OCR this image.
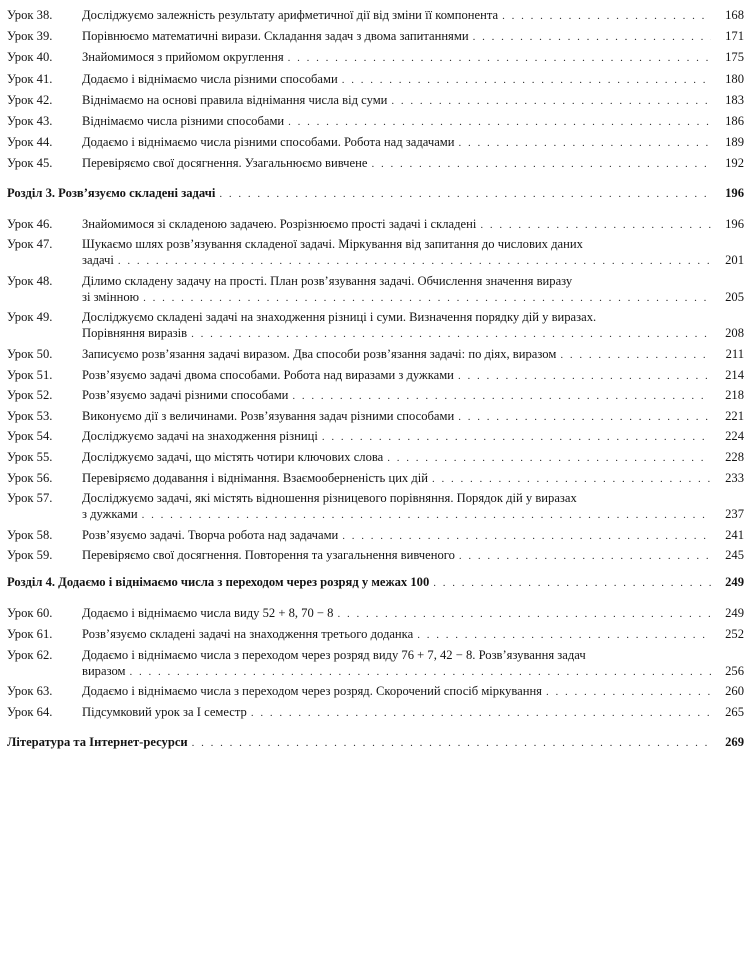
Урок 38. Досліджуємо залежність результату арифметичної дії від зміни її компонента . . .	168
Урок 39. Порівнюємо математичні вирази. Складання задач з двома запитаннями . . .	171
Урок 40. Знайомимося з прийомом округлення . . .	175
Урок 41. Додаємо і віднімаємо числа різними способами . . .	180
Урок 42. Віднімаємо на основі правила віднімання числа від суми . . .	183
Урок 43. Віднімаємо числа різними способами . . .	186
Урок 44. Додаємо і віднімаємо числа різними способами. Робота над задачами . . .	189
Урок 45. Перевіряємо свої досягнення. Узагальнюємо вивчене . . .	192
Розділ 3. Розв’язуємо складені задачі . . .	196
Урок 46. Знайомимося зі складеною задачею. Розрізнюємо прості задачі і складені . . .	196
Урок 47. Шукаємо шлях розв’язування складеної задачі. Міркування від запитання до числових даних
задачі . . .	201
Урок 48. Ділимо складену задачу на прості. План розв’язування задачі. Обчислення значення виразу
зі змінною . . .	205
Урок 49. Досліджуємо складені задачі на знаходження різниці і суми. Визначення порядку дій у виразах.
Порівняння виразів . . .	208
Урок 50. Записуємо розв’язання задачі виразом. Два способи розв’язання задачі: по діях, виразом . . .	211
Урок 51. Розв’язуємо задачі двома способами. Робота над виразами з дужками . . .	214
Урок 52. Розв’язуємо задачі різними способами . . .	218
Урок 53. Виконуємо дії з величинами. Розв’язування задач різними способами . . .	221
Урок 54. Досліджуємо задачі на знаходження різниці . . .	224
Урок 55. Досліджуємо задачі, що містять чотири ключових слова . . .	228
Урок 56. Перевіряємо додавання і віднімання. Взаємооберненість цих дій . . .	233
Урок 57. Досліджуємо задачі, які містять відношення різницевого порівняння. Порядок дій у виразах
з дужками . . .	237
Урок 58. Розв’язуємо задачі. Творча робота над задачами . . .	241
Урок 59. Перевіряємо свої досягнення. Повторення та узагальнення вивченого . . .	245
Розділ 4. Додаємо і віднімаємо числа з переходом через розряд у межах 100 . . .	249
Урок 60. Додаємо і віднімаємо числа виду 52 + 8, 70 − 8 . . .	249
Урок 61. Розв’язуємо складені задачі на знаходження третього доданка . . .	252
Урок 62. Додаємо і віднімаємо числа з переходом через розряд виду 76 + 7, 42 − 8. Розв’язування задач
виразом . . .	256
Урок 63. Додаємо і віднімаємо числа з переходом через розряд. Скорочений спосіб міркування . . .	260
Урок 64. Підсумковий урок за І семестр . . .	265
Література та Інтернет-ресурси . . .	269
